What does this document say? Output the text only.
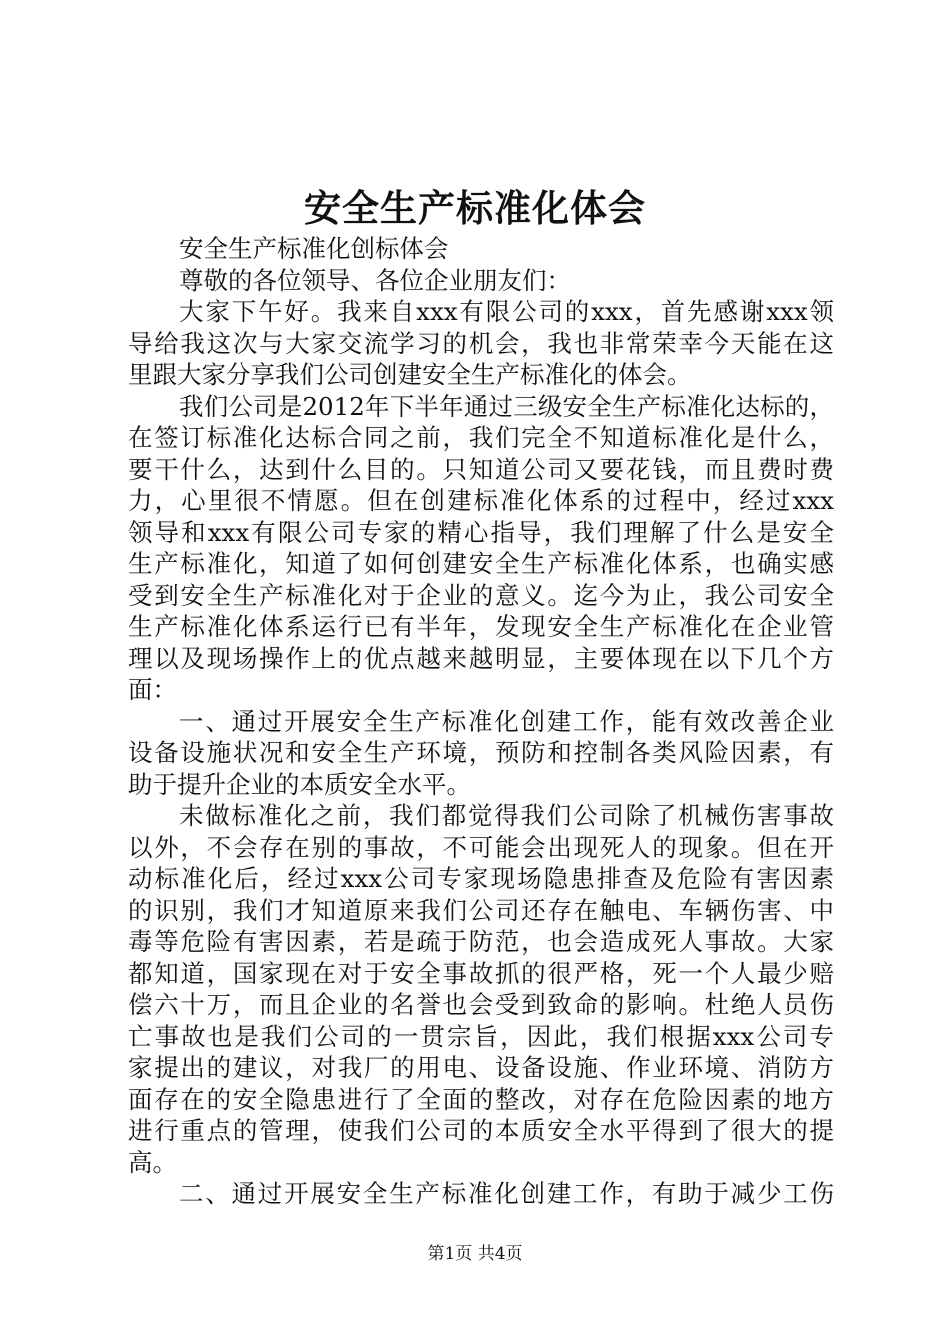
安全生产标准化体会
安全生产标准化创标体会
尊敬的各位领导、各位企业朋友们：
大家下午好。我来自xxx有限公司的xxx，首先感谢xxx领
导给我这次与大家交流学习的机会，我也非常荣幸今天能在这
里跟大家分享我们公司创建安全生产标准化的体会。
我们公司是2012年下半年通过三级安全生产标准化达标的，
在签订标准化达标合同之前，我们完全不知道标准化是什么，
要干什么，达到什么目的。只知道公司又要花钱，而且费时费
力，心里很不情愿。但在创建标准化体系的过程中，经过xxx
领导和xxx有限公司专家的精心指导，我们理解了什么是安全
生产标准化，知道了如何创建安全生产标准化体系，也确实感
受到安全生产标准化对于企业的意义。迄今为止，我公司安全
生产标准化体系运行已有半年，发现安全生产标准化在企业管
理以及现场操作上的优点越来越明显，主要体现在以下几个方
面：
一、通过开展安全生产标准化创建工作，能有效改善企业
设备设施状况和安全生产环境，预防和控制各类风险因素，有
助于提升企业的本质安全水平。
未做标准化之前，我们都觉得我们公司除了机械伤害事故
以外，不会存在别的事故，不可能会出现死人的现象。但在开
动标准化后，经过xxx公司专家现场隐患排查及危险有害因素
的识别，我们才知道原来我们公司还存在触电、车辆伤害、中
毒等危险有害因素，若是疏于防范，也会造成死人事故。大家
都知道，国家现在对于安全事故抓的很严格，死一个人最少赔
偿六十万，而且企业的名誉也会受到致命的影响。杜绝人员伤
亡事故也是我们公司的一贯宗旨，因此，我们根据xxx公司专
家提出的建议，对我厂的用电、设备设施、作业环境、消防方
面存在的安全隐患进行了全面的整改，对存在危险因素的地方
进行重点的管理，使我们公司的本质安全水平得到了很大的提
高。
二、通过开展安全生产标准化创建工作，有助于减少工伤
第1页 共4页
